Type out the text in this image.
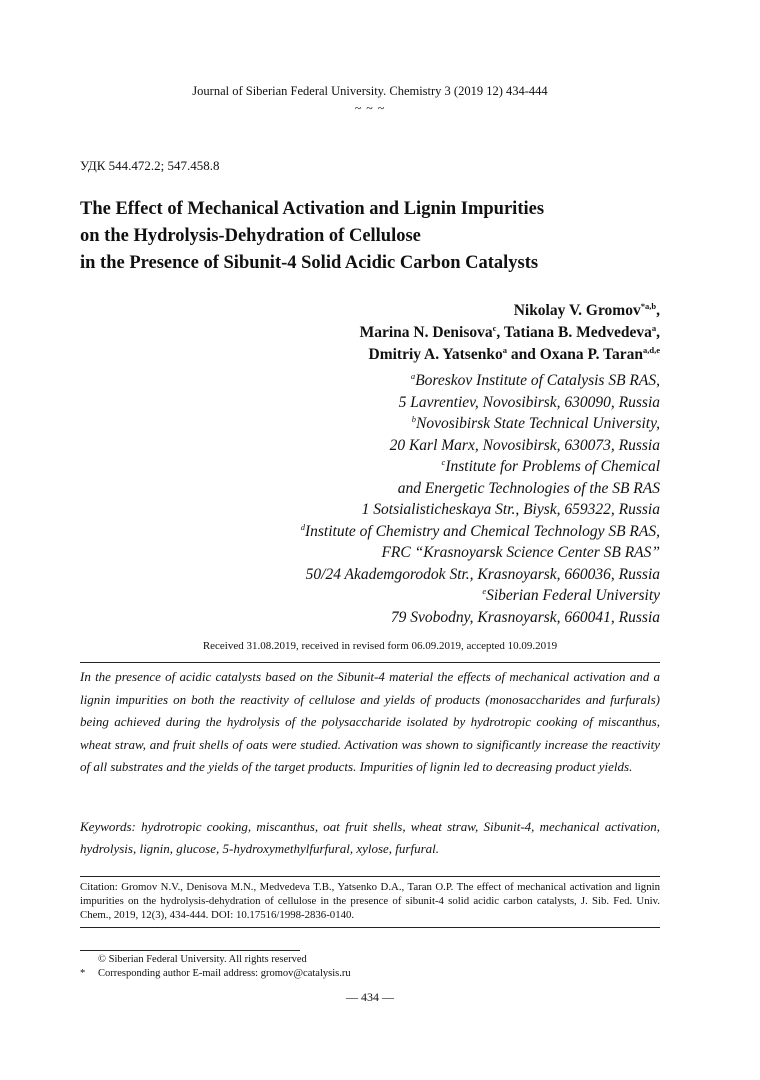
Journal of Siberian Federal University. Chemistry 3 (2019 12) 434-444
~ ~ ~
УДК 544.472.2; 547.458.8
The Effect of Mechanical Activation and Lignin Impurities
on the Hydrolysis-Dehydration of Cellulose
in the Presence of Sibunit-4 Solid Acidic Carbon Catalysts
Nikolay V. Gromov$^{*a,b}$,
Marina N. Denisova$^c$, Tatiana B. Medvedeva$^a$,
Dmitriy A. Yatsenko$^a$ and Oxana P. Taran$^{a,d,e}$
$^a$Boreskov Institute of Catalysis SB RAS,
5 Lavrentiev, Novosibirsk, 630090, Russia
$^b$Novosibirsk State Technical University,
20 Karl Marx, Novosibirsk, 630073, Russia
$^c$Institute for Problems of Chemical
and Energetic Technologies of the SB RAS
1 Sotsialisticheskaya Str., Biysk, 659322, Russia
$^d$Institute of Chemistry and Chemical Technology SB RAS,
FRC “Krasnoyarsk Science Center SB RAS”
50/24 Akademgorodok Str., Krasnoyarsk, 660036, Russia
$^e$Siberian Federal University
79 Svobodny, Krasnoyarsk, 660041, Russia
Received 31.08.2019, received in revised form 06.09.2019, accepted 10.09.2019
In the presence of acidic catalysts based on the Sibunit-4 material the effects of mechanical activation and a lignin impurities on both the reactivity of cellulose and yields of products (monosaccharides and furfurals) being achieved during the hydrolysis of the polysaccharide isolated by hydrotropic cooking of miscanthus, wheat straw, and fruit shells of oats were studied. Activation was shown to significantly increase the reactivity of all substrates and the yields of the target products. Impurities of lignin led to decreasing product yields.
Keywords: hydrotropic cooking, miscanthus, oat fruit shells, wheat straw, Sibunit-4, mechanical activation, hydrolysis, lignin, glucose, 5-hydroxymethylfurfural, xylose, furfural.
Citation: Gromov N.V., Denisova M.N., Medvedeva T.B., Yatsenko D.A., Taran O.P. The effect of mechanical activation and lignin impurities on the hydrolysis-dehydration of cellulose in the presence of sibunit-4 solid acidic carbon catalysts, J. Sib. Fed. Univ. Chem., 2019, 12(3), 434-444. DOI: 10.17516/1998-2836-0140.
© Siberian Federal University. All rights reserved
* Corresponding author E-mail address: gromov@catalysis.ru
— 434 —
